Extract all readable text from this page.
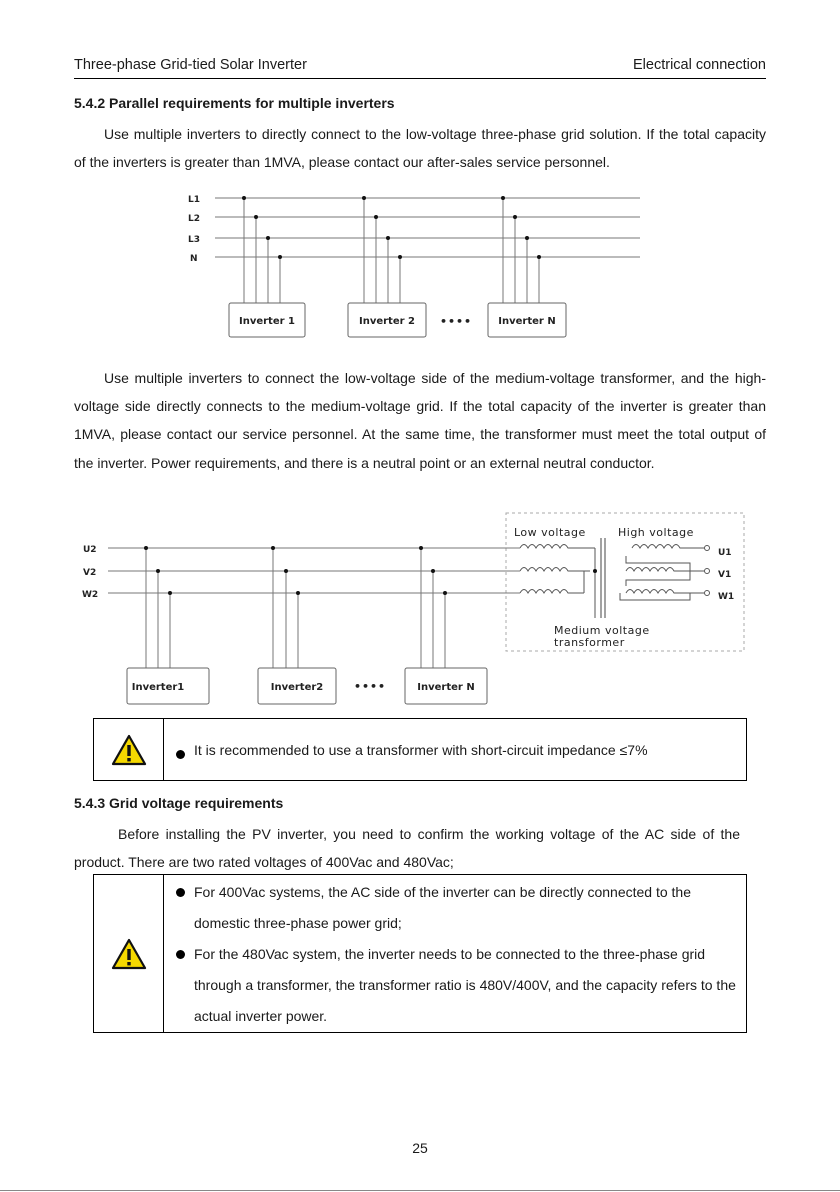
Three-phase Grid-tied Solar Inverter	Electrical connection
5.4.2 Parallel requirements for multiple inverters
Use multiple inverters to directly connect to the low-voltage three-phase grid solution. If the total capacity of the inverters is greater than 1MVA, please contact our after-sales service personnel.
L1
L2
L3
N
Inverter 1	Inverter 2	Inverter N
••••
Use multiple inverters to connect the low-voltage side of the medium-voltage transformer, and the high-voltage side directly connects to the medium-voltage grid. If the total capacity of the inverter is greater than 1MVA, please contact our service personnel. At the same time, the transformer must meet the total output of the inverter. Power requirements, and there is a neutral point or an external neutral conductor.
U2
V2
W2
U1
V1
W1
Low voltage	High voltage
Medium voltage
transformer
Inverter1	Inverter2	Inverter N
••••
It is recommended to use a transformer with short-circuit impedance ≤7%
5.4.3 Grid voltage requirements
Before installing the PV inverter, you need to confirm the working voltage of the AC side of the product. There are two rated voltages of 400Vac and 480Vac;
For 400Vac systems, the AC side of the inverter can be directly connected to the domestic three-phase power grid;
For the 480Vac system, the inverter needs to be connected to the three-phase grid through a transformer, the transformer ratio is 480V/400V, and the capacity refers to the actual inverter power.
25
